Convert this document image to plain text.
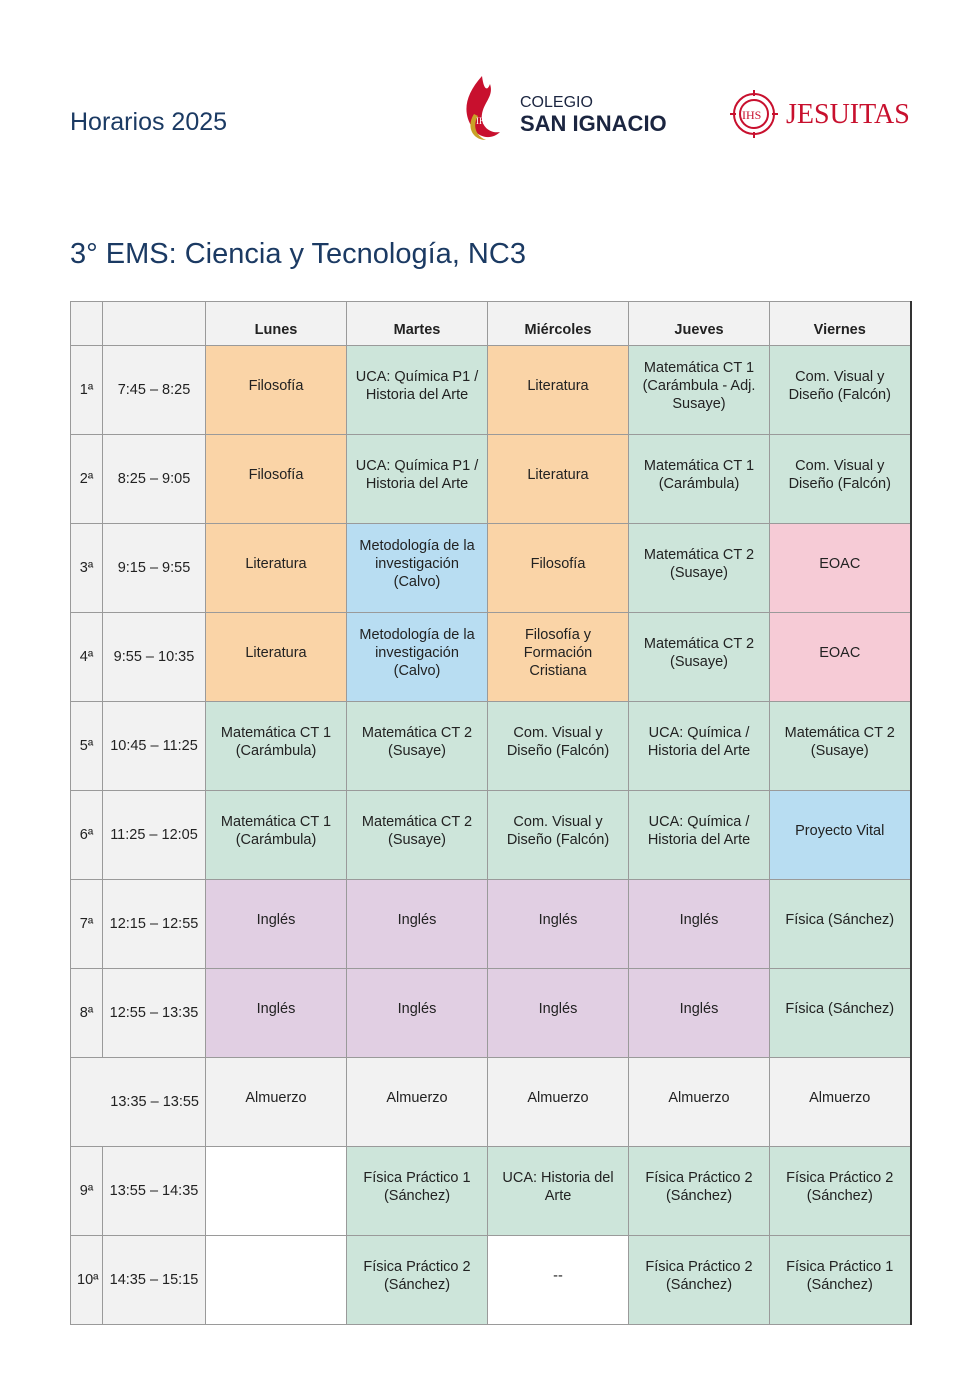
Horarios 2025	IHS
COLEGIO
SAN IGNACIO	IHS JESUITAS
3° EMS: Ciencia y Tecnología, NC3
		Lunes	Martes	Miércoles	Jueves	Viernes
1ª	7:45 – 8:25	Filosofía	UCA: Química P1 / Historia del Arte	Literatura	Matemática CT 1 (Carámbula - Adj. Susaye)	Com. Visual y Diseño (Falcón)

2ª	8:25 – 9:05	Filosofía	UCA: Química P1 / Historia del Arte	Literatura	Matemática CT 1 (Carámbula)	Com. Visual y Diseño (Falcón)

3ª	9:15 – 9:55	Literatura	Metodología de la investigación (Calvo)	Filosofía	Matemática CT 2 (Susaye)	EOAC

4ª	9:55 – 10:35	Literatura	Metodología de la investigación (Calvo)	Filosofía y Formación Cristiana	Matemática CT 2 (Susaye)	EOAC

5ª	10:45 – 11:25	Matemática CT 1 (Carámbula)	Matemática CT 2 (Susaye)	Com. Visual y Diseño (Falcón)	UCA: Química / Historia del Arte	Matemática CT 2 (Susaye)

6ª	11:25 – 12:05	Matemática CT 1 (Carámbula)	Matemática CT 2 (Susaye)	Com. Visual y Diseño (Falcón)	UCA: Química / Historia del Arte	Proyecto Vital

7ª	12:15 – 12:55	Inglés	Inglés	Inglés	Inglés	Física (Sánchez)

8ª	12:55 – 13:35	Inglés	Inglés	Inglés	Inglés	Física (Sánchez)

13:35 – 13:55		Almuerzo	Almuerzo	Almuerzo	Almuerzo	Almuerzo

9ª	13:55 – 14:35		Física Práctico 1 (Sánchez)	UCA: Historia del Arte	Física Práctico 2 (Sánchez)	Física Práctico 2 (Sánchez)

10ª	14:35 – 15:15		Física Práctico 2 (Sánchez)	--	Física Práctico 2 (Sánchez)	Física Práctico 1 (Sánchez)
